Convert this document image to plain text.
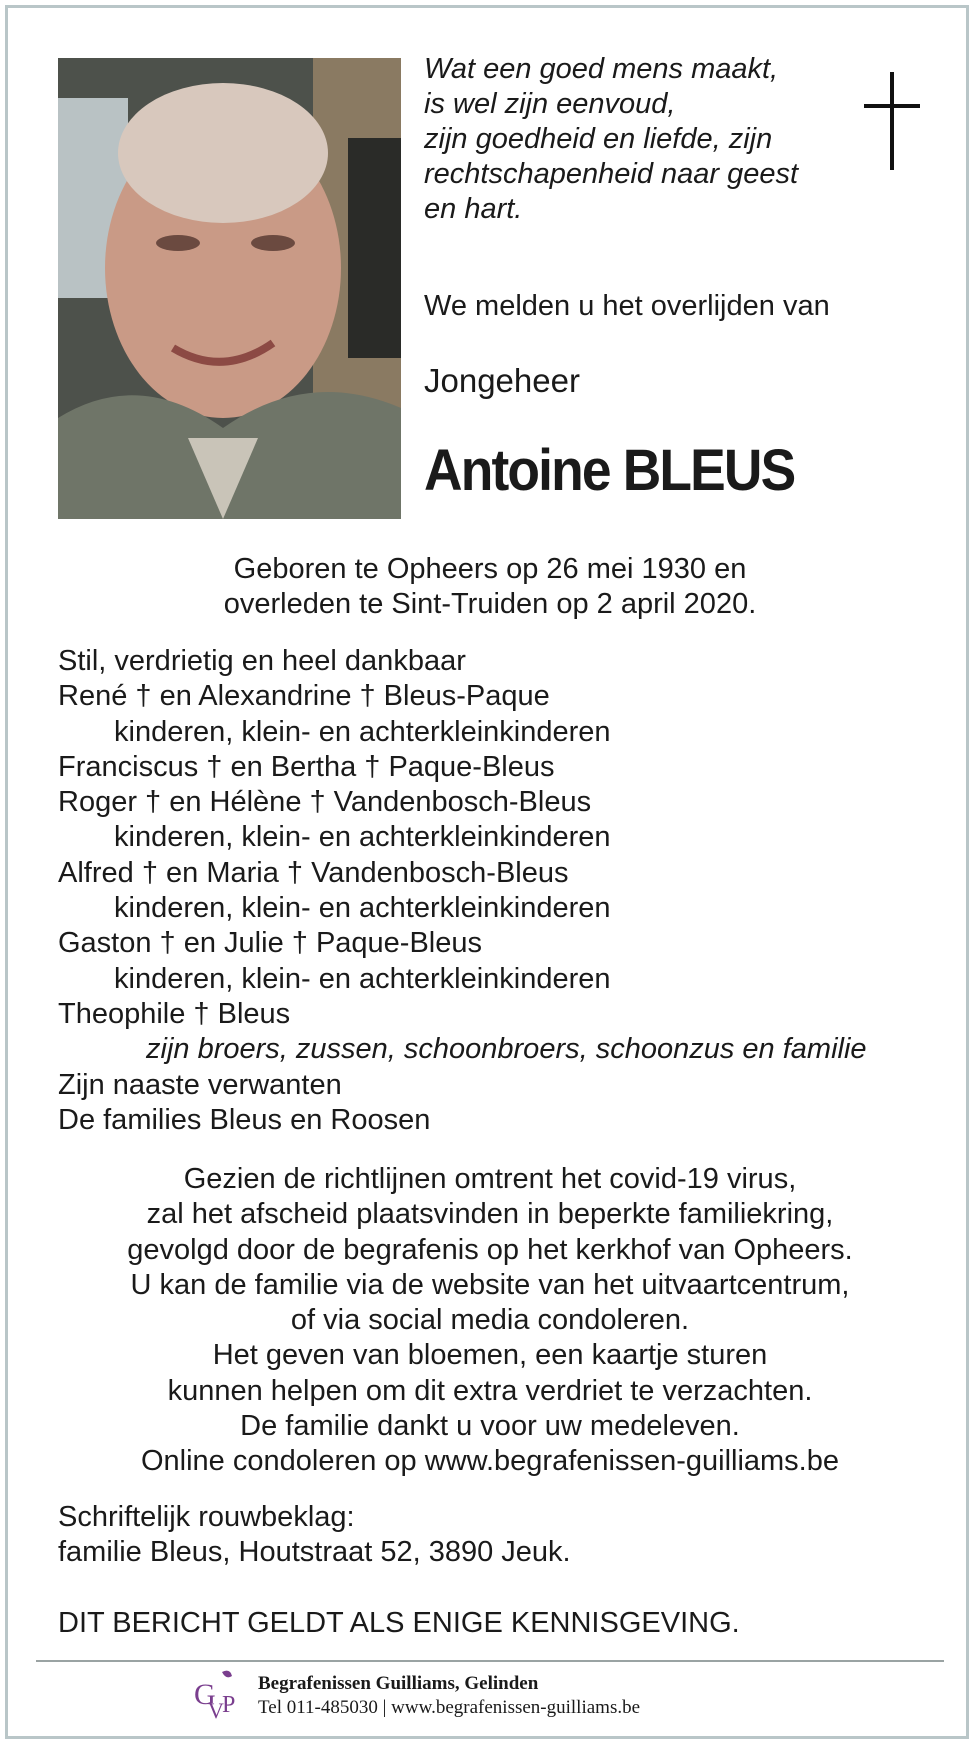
Wat een goed mens maakt,
is wel zijn eenvoud,
zijn goedheid en liefde, zijn
rechtschapenheid naar geest
en hart.
We melden u het overlijden van
Jongeheer
Antoine BLEUS
Geboren te Opheers op 26 mei 1930 en
overleden te Sint-Truiden op 2 april 2020.
Stil, verdrietig en heel dankbaar
René † en Alexandrine † Bleus-Paque
kinderen, klein- en achterkleinkinderen
Franciscus † en Bertha † Paque-Bleus
Roger † en Hélène † Vandenbosch-Bleus
kinderen, klein- en achterkleinkinderen
Alfred † en Maria † Vandenbosch-Bleus
kinderen, klein- en achterkleinkinderen
Gaston † en Julie † Paque-Bleus
kinderen, klein- en achterkleinkinderen
Theophile † Bleus
zijn broers, zussen, schoonbroers, schoonzus en familie
Zijn naaste verwanten
De families Bleus en Roosen
Gezien de richtlijnen omtrent het covid-19 virus,
zal het afscheid plaatsvinden in beperkte familiekring,
gevolgd door de begrafenis op het kerkhof van Opheers.
U kan de familie via de website van het uitvaartcentrum,
of via social media condoleren.
Het geven van bloemen, een kaartje sturen
kunnen helpen om dit extra verdriet te verzachten.
De familie dankt u voor uw medeleven.
Online condoleren op www.begrafenissen-guilliams.be
Schriftelijk rouwbeklag:
familie Bleus, Houtstraat 52, 3890 Jeuk.
DIT BERICHT GELDT ALS ENIGE KENNISGEVING.
G
V
P
Begrafenissen Guilliams, Gelinden
Tel 011-485030 | www.begrafenissen-guilliams.be
